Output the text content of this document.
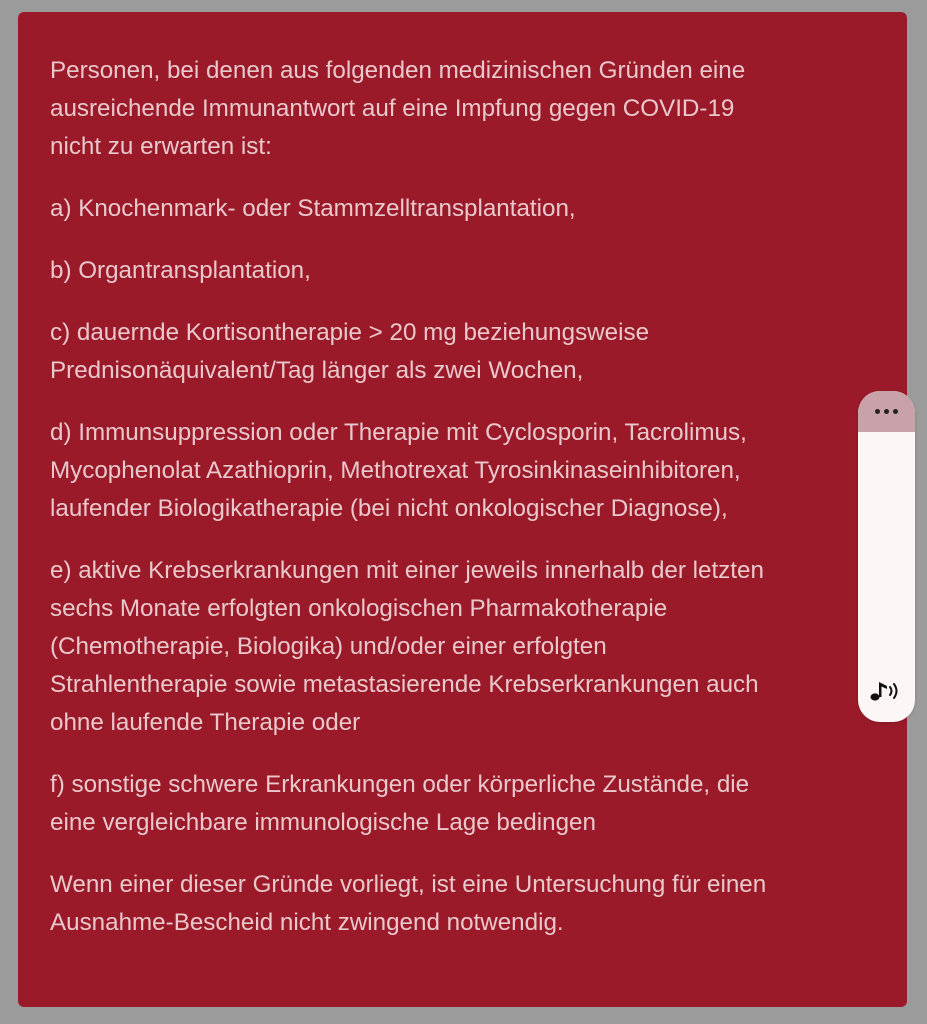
Personen, bei denen aus folgenden medizinischen Gründen eine
ausreichende Immunantwort auf eine Impfung gegen COVID-19
nicht zu erwarten ist:

a) Knochenmark- oder Stammzelltransplantation,

b) Organtransplantation,

c) dauernde Kortisontherapie > 20 mg beziehungsweise
Prednisonäquivalent/Tag länger als zwei Wochen,

d) Immunsuppression oder Therapie mit Cyclosporin, Tacrolimus,
Mycophenolat Azathioprin, Methotrexat Tyrosinkinaseinhibitoren,
laufender Biologikatherapie (bei nicht onkologischer Diagnose),

e) aktive Krebserkrankungen mit einer jeweils innerhalb der letzten
sechs Monate erfolgten onkologischen Pharmakotherapie
(Chemotherapie, Biologika) und/oder einer erfolgten
Strahlentherapie sowie metastasierende Krebserkrankungen auch
ohne laufende Therapie oder

f) sonstige schwere Erkrankungen oder körperliche Zustände, die
eine vergleichbare immunologische Lage bedingen

Wenn einer dieser Gründe vorliegt, ist eine Untersuchung für einen
Ausnahme-Bescheid nicht zwingend notwendig.
